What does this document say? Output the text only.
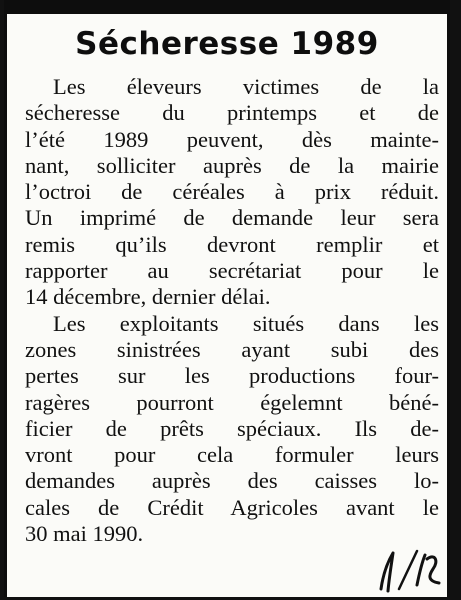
Sécheresse 1989
Les éleveurs victimes de la
sécheresse du printemps et de
l’été 1989 peuvent, dès mainte-
nant, solliciter auprès de la mairie
l’octroi de céréales à prix réduit.
Un imprimé de demande leur sera
remis qu’ils devront remplir et
rapporter au secrétariat pour le
14 décembre, dernier délai.
Les exploitants situés dans les
zones sinistrées ayant subi des
pertes sur les productions four-
ragères pourront égelemnt béné-
ficier de prêts spéciaux. Ils de-
vront pour cela formuler leurs
demandes auprès des caisses lo-
cales de Crédit Agricoles avant le
30 mai 1990.
